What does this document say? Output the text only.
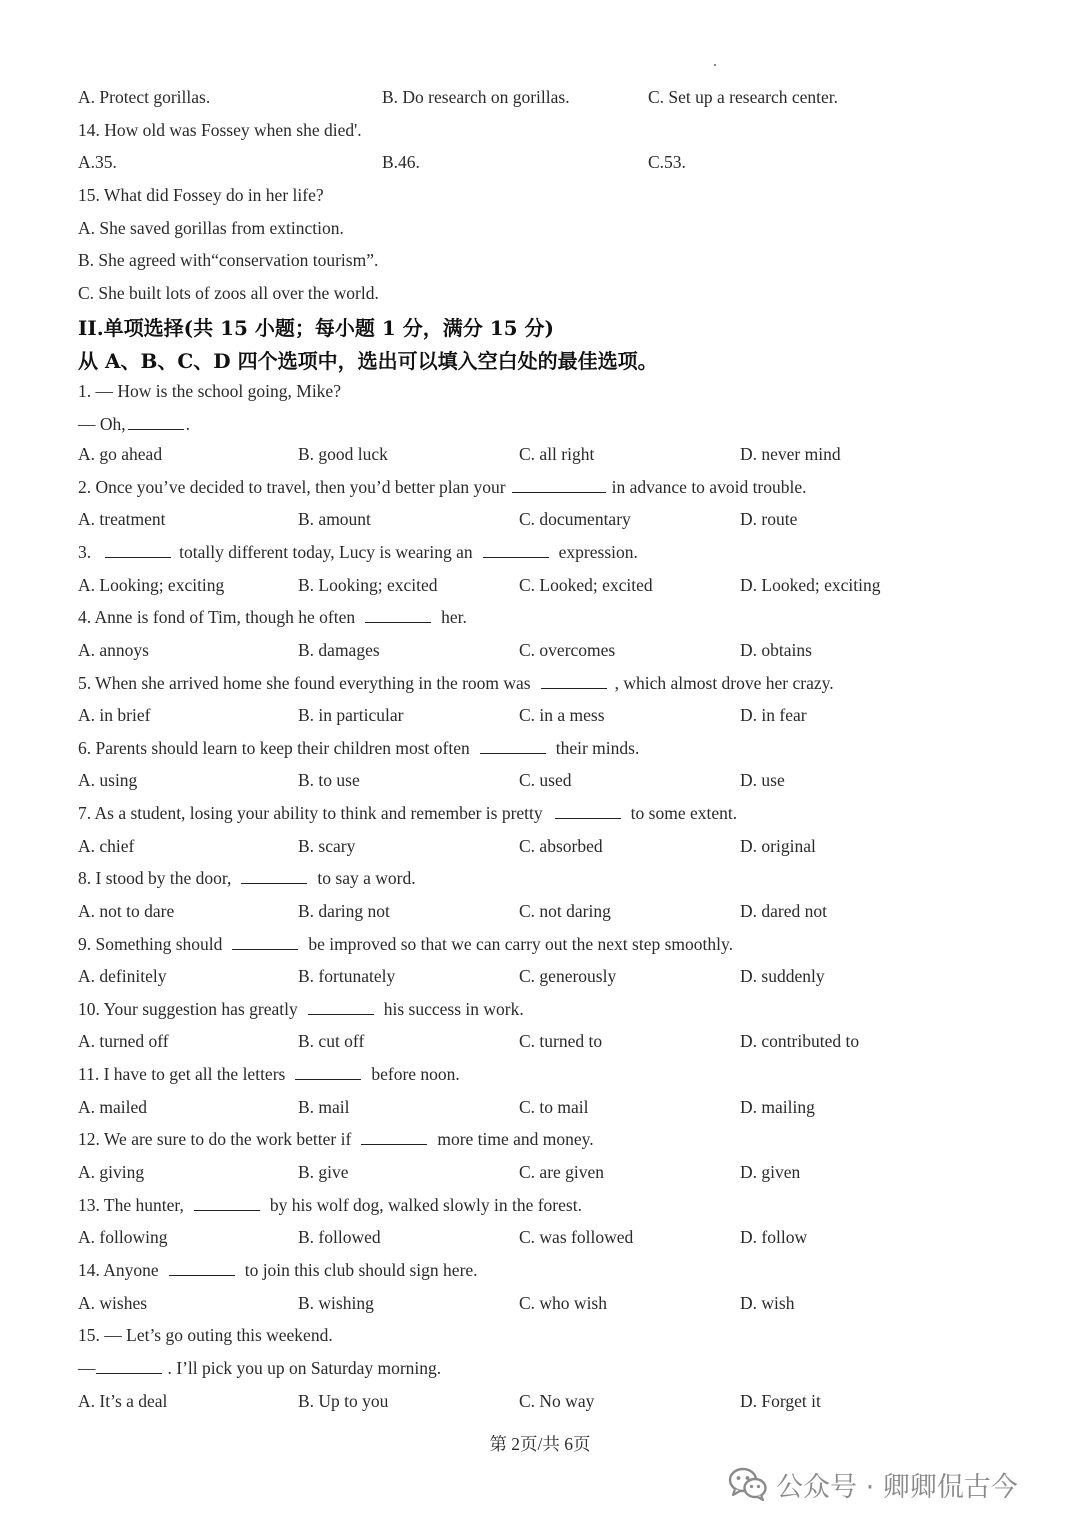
A. Protect gorillas.	B. Do research on gorillas.	C. Set up a research center.
14. How old was Fossey when she died'.
A.35.	B.46.	C.53.
15. What did Fossey do in her life?
A. She saved gorillas from extinction.
B. She agreed with“conservation tourism”.
C. She built lots of zoos all over the world.
II.单项选择(共 15 小题；每小题 1 分，满分 15 分)
从 A、B、C、D 四个选项中，选出可以填入空白处的最佳选项。
1. — How is the school going, Mike?
— Oh,	.
A. go ahead	B. good luck	C. all right	D. never mind
2. Once you’ve decided to travel, then you’d better plan your	in advance to avoid trouble.
A. treatment	B. amount	C. documentary	D. route
3.	totally different today, Lucy is wearing an	expression.
A. Looking; exciting	B. Looking; excited	C. Looked; excited	D. Looked; exciting
4. Anne is fond of Tim, though he often	her.
A. annoys	B. damages	C. overcomes	D. obtains
5. When she arrived home she found everything in the room was	, which almost drove her crazy.
A. in brief	B. in particular	C. in a mess	D. in fear
6. Parents should learn to keep their children most often	their minds.
A. using	B. to use	C. used	D. use
7. As a student, losing your ability to think and remember is pretty	to some extent.
A. chief	B. scary	C. absorbed	D. original
8. I stood by the door,	to say a word.
A. not to dare	B. daring not	C. not daring	D. dared not
9. Something should	be improved so that we can carry out the next step smoothly.
A. definitely	B. fortunately	C. generously	D. suddenly
10. Your suggestion has greatly	his success in work.
A. turned off	B. cut off	C. turned to	D. contributed to
11. I have to get all the letters	before noon.
A. mailed	B. mail	C. to mail	D. mailing
12. We are sure to do the work better if	more time and money.
A. giving	B. give	C. are given	D. given
13. The hunter,	by his wolf dog, walked slowly in the forest.
A. following	B. followed	C. was followed	D. follow
14. Anyone	to join this club should sign here.
A. wishes	B. wishing	C. who wish	D. wish
15. — Let’s go outing this weekend.
—	. I’ll pick you up on Saturday morning.
A. It’s a deal	B. Up to you	C. No way	D. Forget it
第 2页/共 6页
公众号 · 卿卿侃古今
